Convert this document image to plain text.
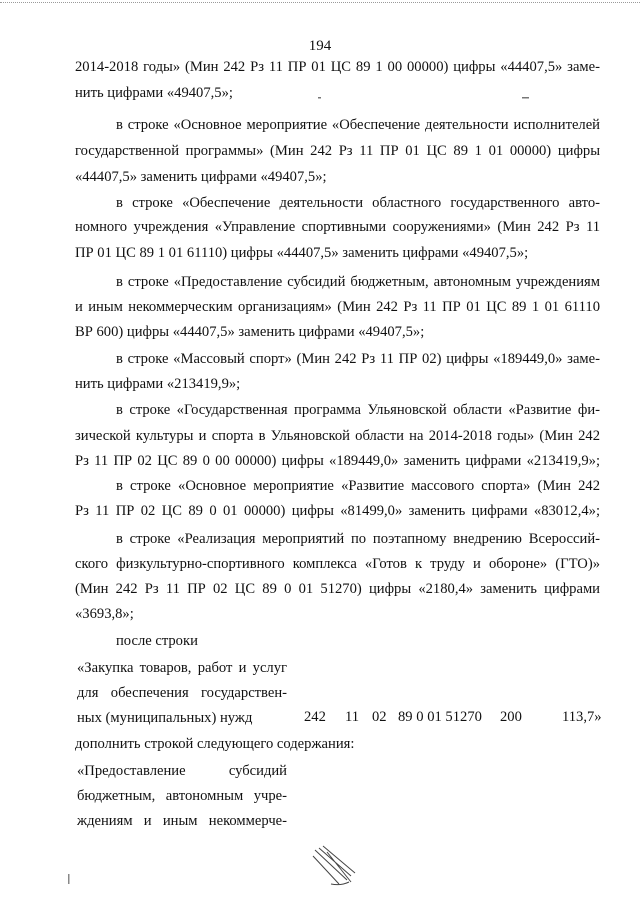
194
2014-2018 годы» (Мин 242 Рз 11 ПР 01 ЦС 89 1 00 00000) цифры «44407,5» заме-
нить цифрами «49407,5»;
в строке «Основное мероприятие «Обеспечение деятельности исполнителей
государственной программы» (Мин 242 Рз 11 ПР 01 ЦС 89 1 01 00000) цифры
«44407,5» заменить цифрами «49407,5»;
в строке «Обеспечение деятельности областного государственного авто-
номного учреждения «Управление спортивными сооружениями» (Мин 242 Рз 11
ПР 01 ЦС 89 1 01 61110) цифры «44407,5» заменить цифрами «49407,5»;
в строке «Предоставление субсидий бюджетным, автономным учреждениям
и иным некоммерческим организациям» (Мин 242 Рз 11 ПР 01 ЦС 89 1 01 61110
ВР 600) цифры «44407,5» заменить цифрами «49407,5»;
в строке «Массовый спорт» (Мин 242 Рз 11 ПР 02) цифры «189449,0» заме-
нить цифрами «213419,9»;
в строке «Государственная программа Ульяновской области «Развитие фи-
зической культуры и спорта в Ульяновской области на 2014-2018 годы» (Мин 242
Рз 11 ПР 02 ЦС 89 0 00 00000) цифры «189449,0» заменить цифрами «213419,9»;
в строке «Основное мероприятие «Развитие массового спорта» (Мин 242
Рз 11 ПР 02 ЦС 89 0 01 00000) цифры «81499,0» заменить цифрами «83012,4»;
в строке «Реализация мероприятий по поэтапному внедрению Всероссий-
ского физкультурно-спортивного комплекса «Готов к труду и обороне» (ГТО)»
(Мин 242 Рз 11 ПР 02 ЦС 89 0 01 51270) цифры «2180,4» заменить цифрами
«3693,8»;
после строки
«Закупка товаров, работ и услуг
для обеспечения государствен-
ных (муниципальных) нужд	242 11 02 89 0 01 51270 200	113,7»
дополнить строкой следующего содержания:
«Предоставление субсидий
бюджетным, автономным учре-
ждениям и иным некоммерче-
